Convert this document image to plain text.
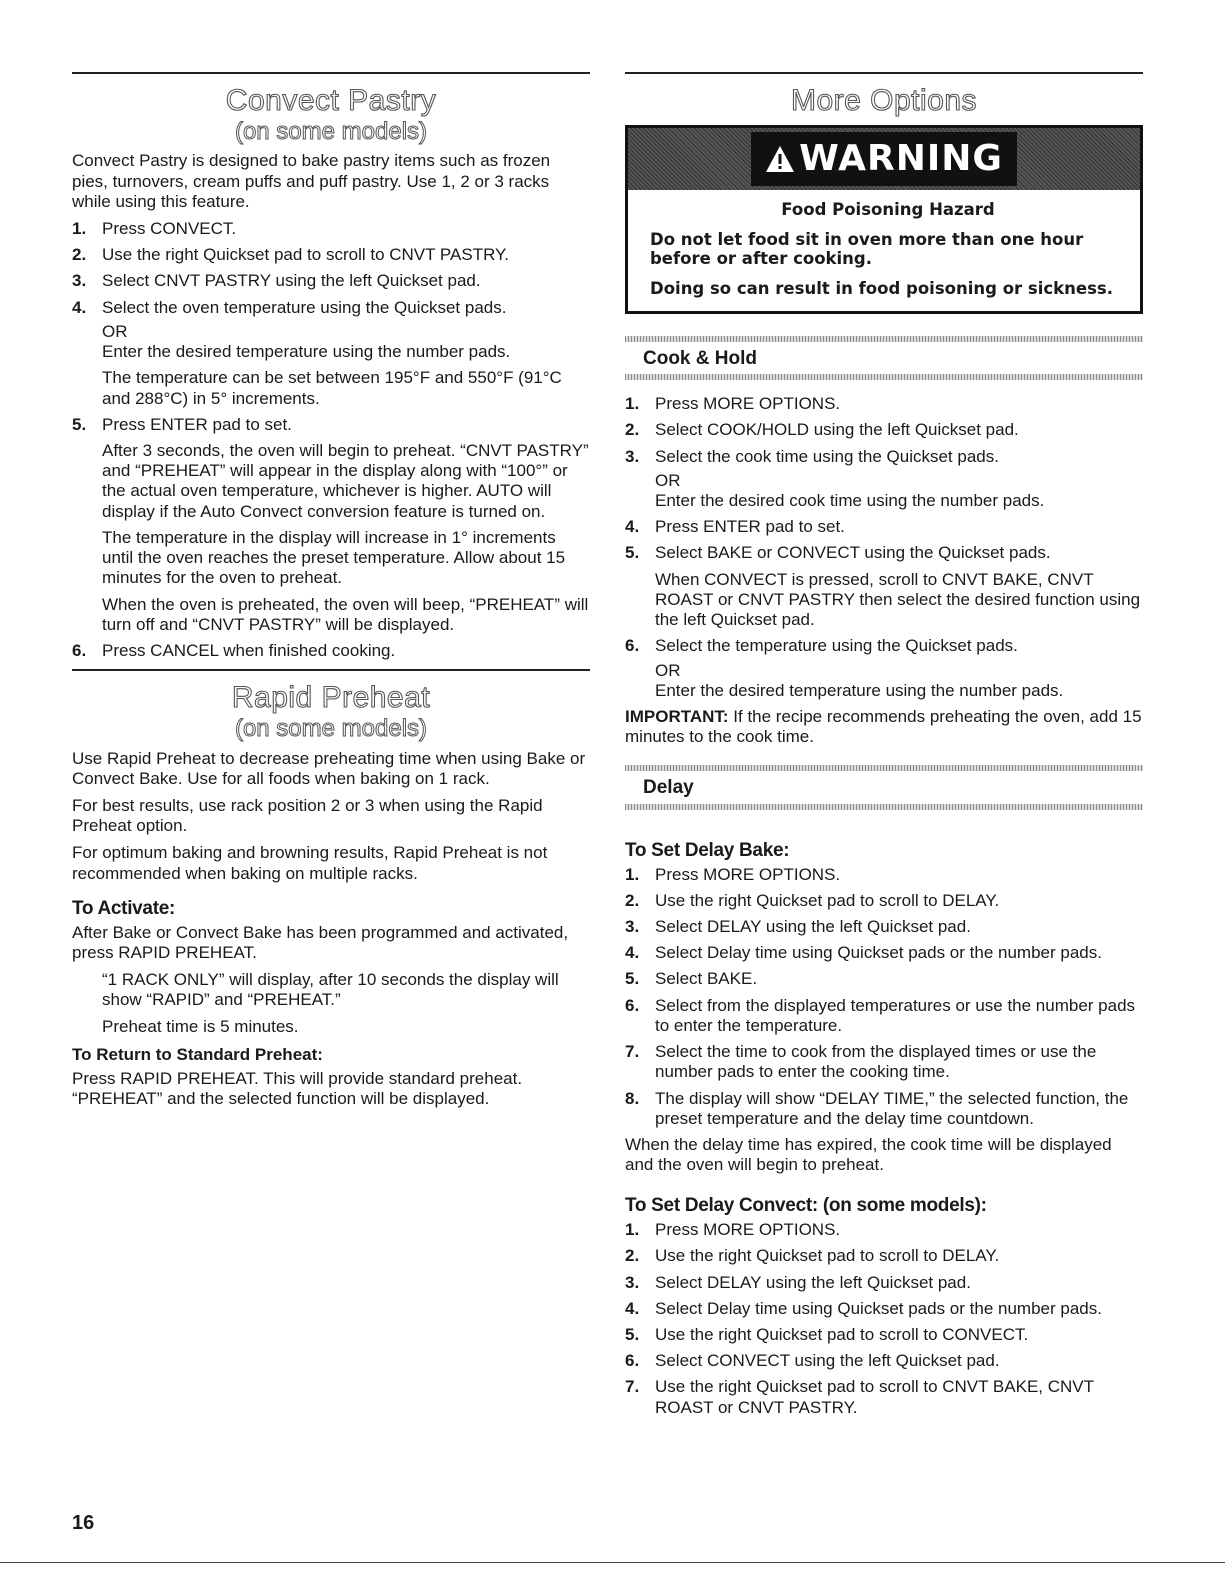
Convect Pastry
(on some models)

Convect Pastry is designed to bake pastry items such as frozen pies, turnovers, cream puffs and puff pastry. Use 1, 2 or 3 racks while using this feature.

1. Press CONVECT.
2. Use the right Quickset pad to scroll to CNVT PASTRY.
3. Select CNVT PASTRY using the left Quickset pad.
4. Select the oven temperature using the Quickset pads.
OR
Enter the desired temperature using the number pads.
The temperature can be set between 195°F and 550°F (91°C and 288°C) in 5° increments.
5. Press ENTER pad to set.
After 3 seconds, the oven will begin to preheat. “CNVT PASTRY” and “PREHEAT” will appear in the display along with “100°” or the actual oven temperature, whichever is higher. AUTO will display if the Auto Convect conversion feature is turned on.
The temperature in the display will increase in 1° increments until the oven reaches the preset temperature. Allow about 15 minutes for the oven to preheat.
When the oven is preheated, the oven will beep, “PREHEAT” will turn off and “CNVT PASTRY” will be displayed.
6. Press CANCEL when finished cooking.
Rapid Preheat
(on some models)

Use Rapid Preheat to decrease preheating time when using Bake or Convect Bake. Use for all foods when baking on 1 rack.

For best results, use rack position 2 or 3 when using the Rapid Preheat option.

For optimum baking and browning results, Rapid Preheat is not recommended when baking on multiple racks.

To Activate:

After Bake or Convect Bake has been programmed and activated, press RAPID PREHEAT.

“1 RACK ONLY” will display, after 10 seconds the display will show “RAPID” and “PREHEAT.”

Preheat time is 5 minutes.

To Return to Standard Preheat:

Press RAPID PREHEAT. This will provide standard preheat. “PREHEAT” and the selected function will be displayed.

More Options
WARNING
Food Poisoning Hazard

Do not let food sit in oven more than one hour before or after cooking.

Doing so can result in food poisoning or sickness.

Cook & Hold
1. Press MORE OPTIONS.
2. Select COOK/HOLD using the left Quickset pad.
3. Select the cook time using the Quickset pads.
OR
Enter the desired cook time using the number pads.
4. Press ENTER pad to set.
5. Select BAKE or CONVECT using the Quickset pads.
When CONVECT is pressed, scroll to CNVT BAKE, CNVT ROAST or CNVT PASTRY then select the desired function using the left Quickset pad.
6. Select the temperature using the Quickset pads.
OR
Enter the desired temperature using the number pads.

IMPORTANT: If the recipe recommends preheating the oven, add 15 minutes to the cook time.

Delay
To Set Delay Bake:
1. Press MORE OPTIONS.
2. Use the right Quickset pad to scroll to DELAY.
3. Select DELAY using the left Quickset pad.
4. Select Delay time using Quickset pads or the number pads.
5. Select BAKE.
6. Select from the displayed temperatures or use the number pads to enter the temperature.
7. Select the time to cook from the displayed times or use the number pads to enter the cooking time.
8. The display will show “DELAY TIME,” the selected function, the preset temperature and the delay time countdown.

When the delay time has expired, the cook time will be displayed and the oven will begin to preheat.

To Set Delay Convect: (on some models):
1. Press MORE OPTIONS.
2. Use the right Quickset pad to scroll to DELAY.
3. Select DELAY using the left Quickset pad.
4. Select Delay time using Quickset pads or the number pads.
5. Use the right Quickset pad to scroll to CONVECT.
6. Select CONVECT using the left Quickset pad.
7. Use the right Quickset pad to scroll to CNVT BAKE, CNVT ROAST or CNVT PASTRY.
16
